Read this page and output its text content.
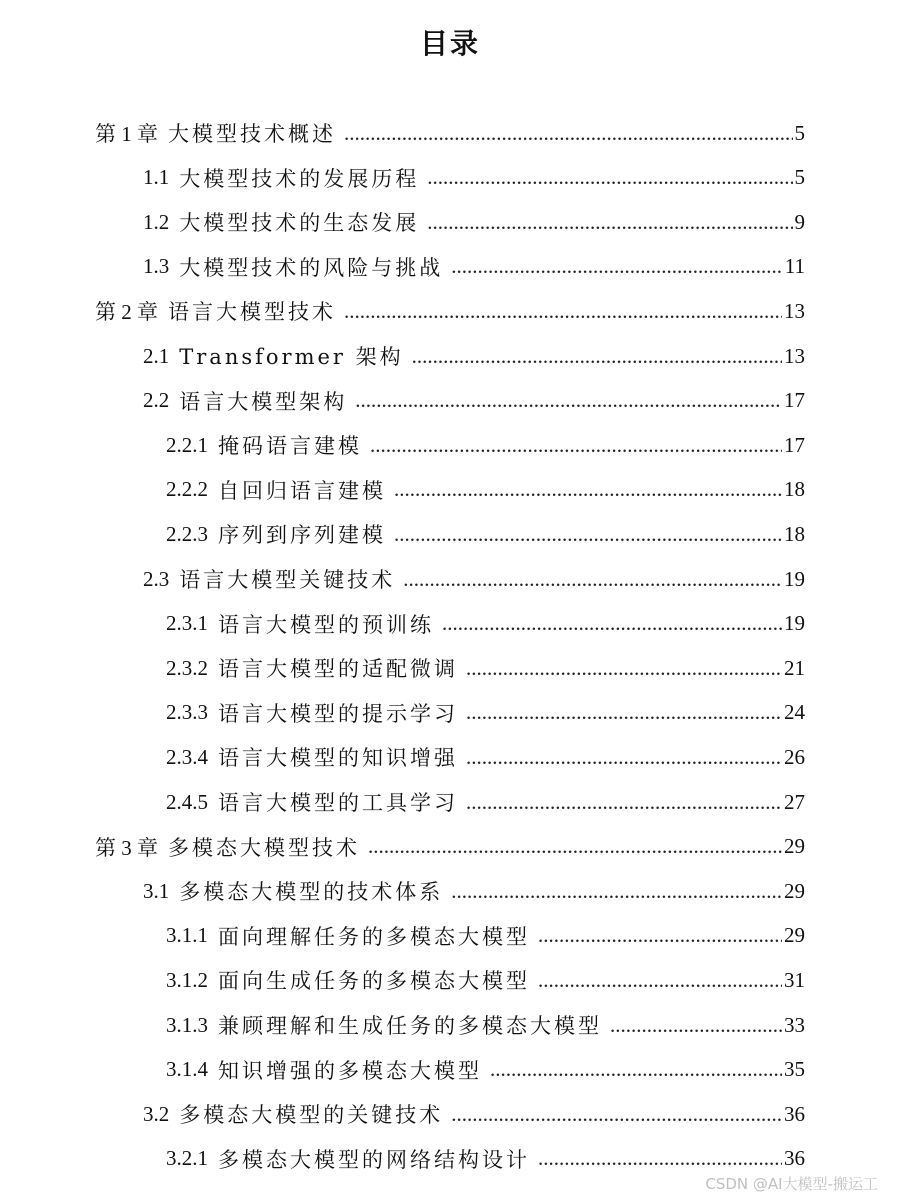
目录
第 1 章 大模型技术概述 .....	5
1.1 大模型技术的发展历程 .....	5
1.2 大模型技术的生态发展 .....	9
1.3 大模型技术的风险与挑战 .....	11
第 2 章 语言大模型技术 .....	13
2.1 Transformer 架构 .....	13
2.2 语言大模型架构 .....	17
2.2.1 掩码语言建模 .....	17
2.2.2 自回归语言建模 .....	18
2.2.3 序列到序列建模 .....	18
2.3 语言大模型关键技术 .....	19
2.3.1 语言大模型的预训练 .....	19
2.3.2 语言大模型的适配微调 .....	21
2.3.3 语言大模型的提示学习 .....	24
2.3.4 语言大模型的知识增强 .....	26
2.4.5 语言大模型的工具学习 .....	27
第 3 章 多模态大模型技术 .....	29
3.1 多模态大模型的技术体系 .....	29
3.1.1 面向理解任务的多模态大模型 .....	29
3.1.2 面向生成任务的多模态大模型 .....	31
3.1.3 兼顾理解和生成任务的多模态大模型 .....	33
3.1.4 知识增强的多模态大模型 .....	35
3.2 多模态大模型的关键技术 .....	36
3.2.1 多模态大模型的网络结构设计 .....	36
CSDN @AI大模型-搬运工
